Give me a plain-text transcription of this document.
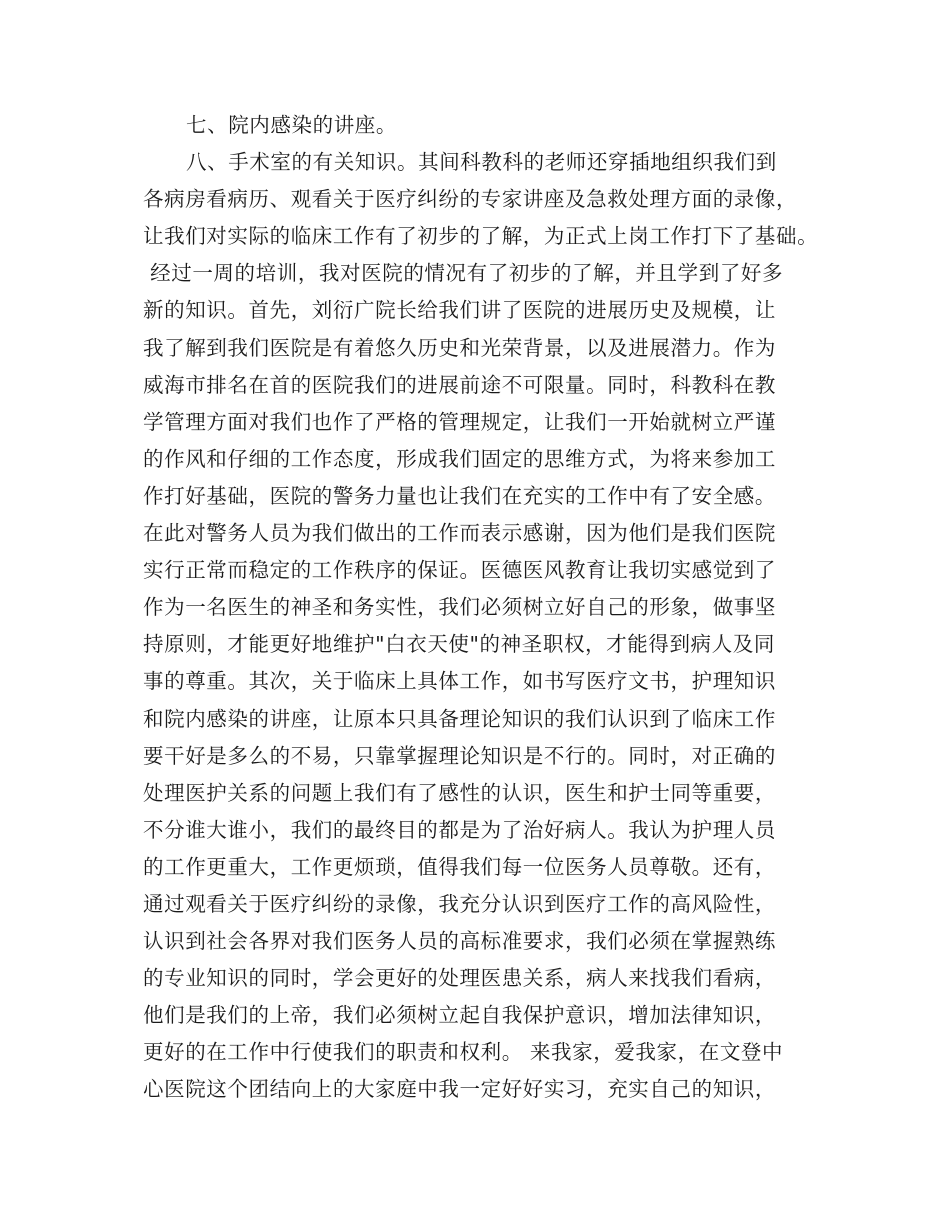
七、院内感染的讲座。
八、手术室的有关知识。其间科教科的老师还穿插地组织我们到
各病房看病历、观看关于医疗纠纷的专家讲座及急救处理方面的录像，
让我们对实际的临床工作有了初步的了解，为正式上岗工作打下了基础。
经过一周的培训，我对医院的情况有了初步的了解，并且学到了好多
新的知识。首先，刘衍广院长给我们讲了医院的进展历史及规模，让
我了解到我们医院是有着悠久历史和光荣背景，以及进展潜力。作为
威海市排名在首的医院我们的进展前途不可限量。同时，科教科在教
学管理方面对我们也作了严格的管理规定，让我们一开始就树立严谨
的作风和仔细的工作态度，形成我们固定的思维方式，为将来参加工
作打好基础，医院的警务力量也让我们在充实的工作中有了安全感。
在此对警务人员为我们做出的工作而表示感谢，因为他们是我们医院
实行正常而稳定的工作秩序的保证。医德医风教育让我切实感觉到了
作为一名医生的神圣和务实性，我们必须树立好自己的形象，做事坚
持原则，才能更好地维护"白衣天使"的神圣职权，才能得到病人及同
事的尊重。其次，关于临床上具体工作，如书写医疗文书，护理知识
和院内感染的讲座，让原本只具备理论知识的我们认识到了临床工作
要干好是多么的不易，只靠掌握理论知识是不行的。同时，对正确的
处理医护关系的问题上我们有了感性的认识，医生和护士同等重要，
不分谁大谁小，我们的最终目的都是为了治好病人。我认为护理人员
的工作更重大，工作更烦琐，值得我们每一位医务人员尊敬。还有，
通过观看关于医疗纠纷的录像，我充分认识到医疗工作的高风险性，
认识到社会各界对我们医务人员的高标准要求，我们必须在掌握熟练
的专业知识的同时，学会更好的处理医患关系，病人来找我们看病，
他们是我们的上帝，我们必须树立起自我保护意识，增加法律知识，
更好的在工作中行使我们的职责和权利。 来我家，爱我家，在文登中
心医院这个团结向上的大家庭中我一定好好实习，充实自己的知识，
